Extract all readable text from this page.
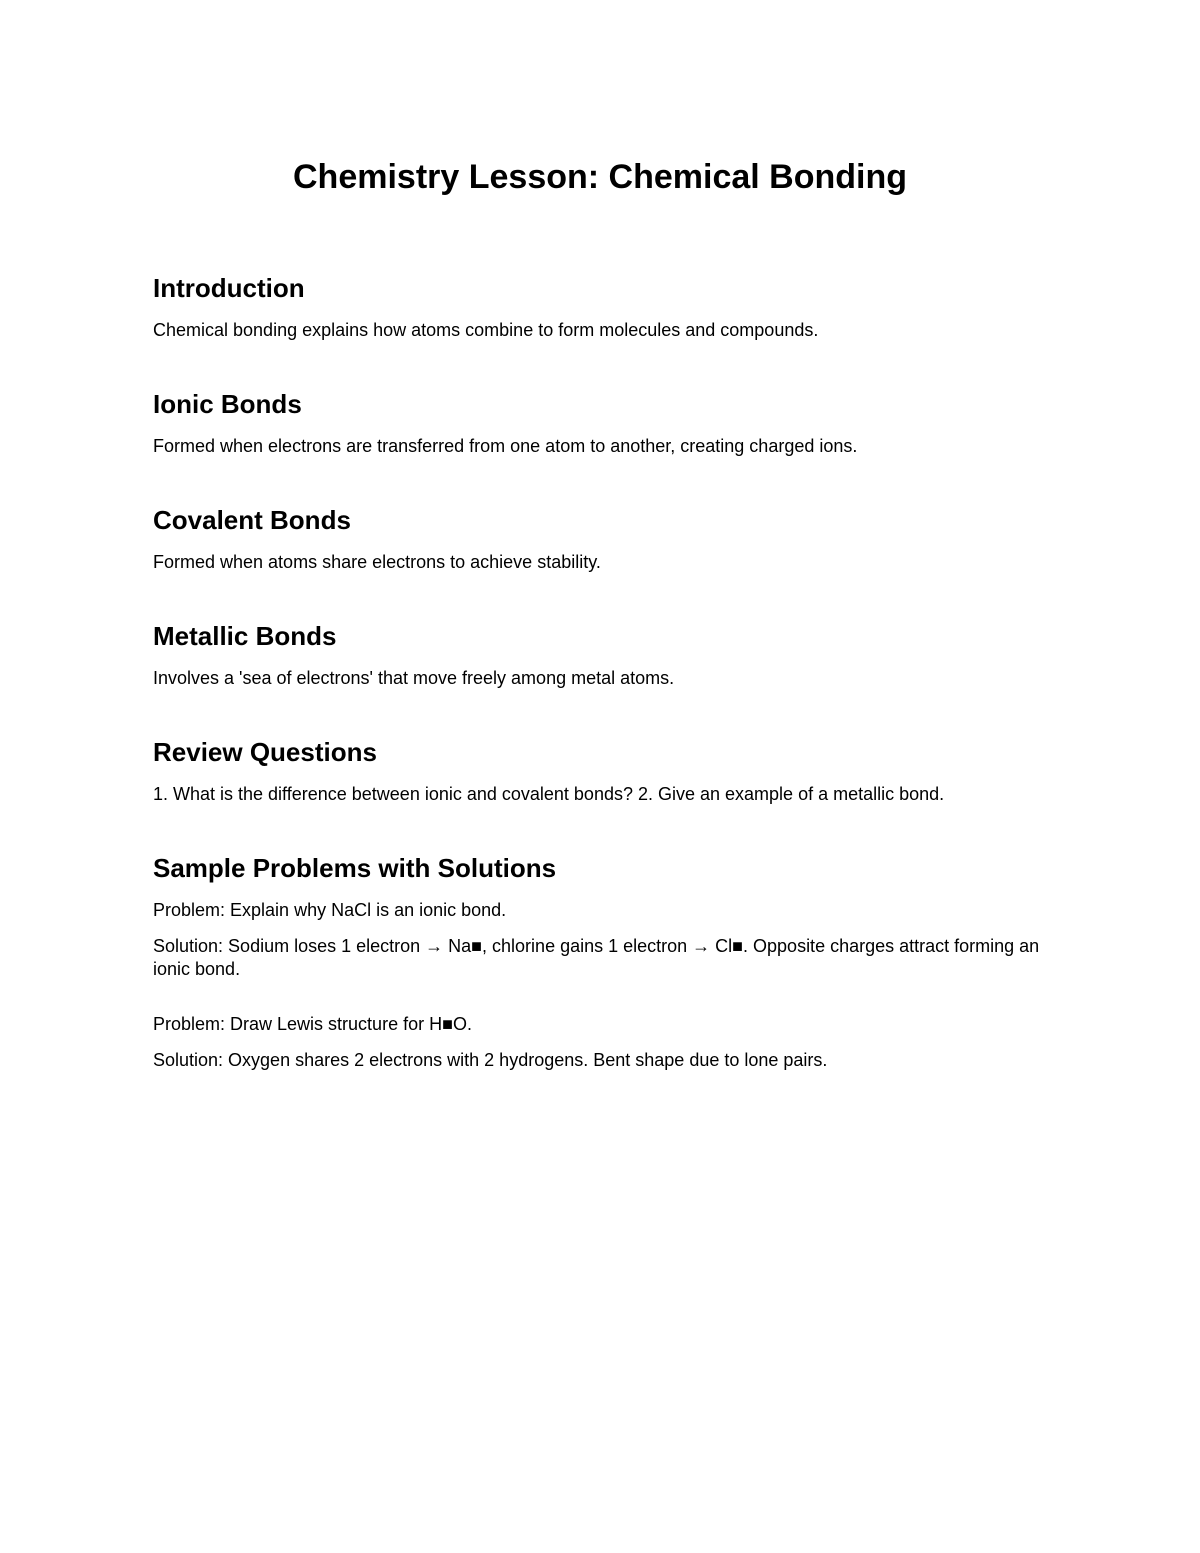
Chemistry Lesson: Chemical Bonding
Introduction

Chemical bonding explains how atoms combine to form molecules and compounds.

Ionic Bonds

Formed when electrons are transferred from one atom to another, creating charged ions.

Covalent Bonds

Formed when atoms share electrons to achieve stability.

Metallic Bonds

Involves a 'sea of electrons' that move freely among metal atoms.

Review Questions

1. What is the difference between ionic and covalent bonds? 2. Give an example of a metallic bond.

Sample Problems with Solutions

Problem: Explain why NaCl is an ionic bond.

Solution: Sodium loses 1 electron → Na■, chlorine gains 1 electron → Cl■. Opposite charges attract forming an ionic bond.

Problem: Draw Lewis structure for H■O.

Solution: Oxygen shares 2 electrons with 2 hydrogens. Bent shape due to lone pairs.
